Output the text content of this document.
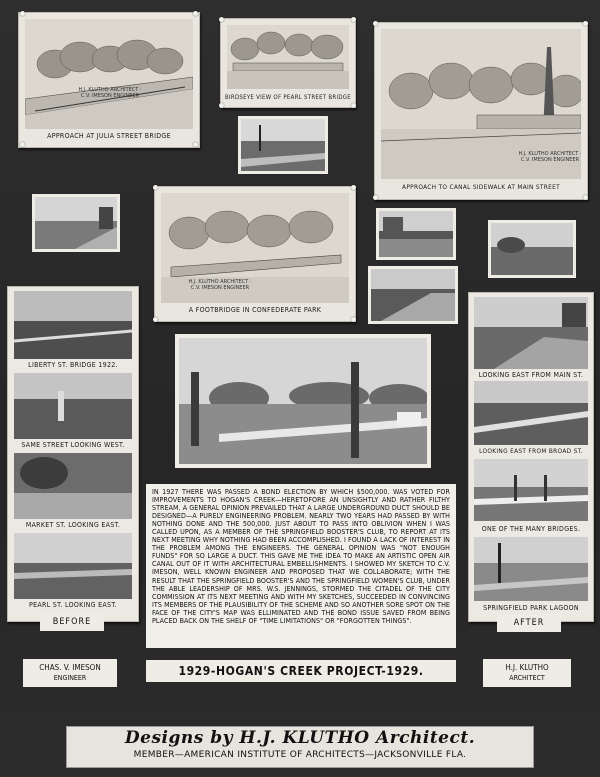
H.J. KLUTHO ARCHITECT · C.V. IMESON ENGINEER
APPROACH AT JULIA STREET BRIDGE
BIRDSEYE VIEW OF PEARL STREET BRIDGE
H.J. KLUTHO ARCHITECT · C.V. IMESON ENGINEER
APPROACH TO CANAL SIDEWALK AT MAIN STREET
H.J. KLUTHO ARCHITECT · C.V. IMESON ENGINEER
A FOOTBRIDGE IN CONFEDERATE PARK
LIBERTY ST. BRIDGE 1922.
SAME STREET LOOKING WEST.
MARKET ST. LOOKING EAST.
PEARL ST. LOOKING EAST.
BEFORE
LOOKING EAST FROM MAIN ST.
LOOKING EAST FROM BROAD ST.
ONE OF THE MANY BRIDGES.
SPRINGFIELD PARK LAGOON
AFTER

IN 1927 THERE WAS PASSED A BOND ELECTION BY WHICH $500,000. WAS VOTED FOR IMPROVEMENTS TO HOGAN'S CREEK—HERETOFORE AN UNSIGHTLY AND RATHER FILTHY STREAM. A GENERAL OPINION PREVAILED THAT A LARGE UNDERGROUND DUCT SHOULD BE DESIGNED—A PURELY ENGINEERING PROBLEM. NEARLY TWO YEARS HAD PASSED BY WITH NOTHING DONE AND THE 500,000. JUST ABOUT TO PASS INTO OBLIVION WHEN I WAS CALLED UPON, AS A MEMBER OF THE SPRINGFIELD BOOSTER'S CLUB, TO REPORT AT ITS NEXT MEETING WHY NOTHING HAD BEEN ACCOMPLISHED. I FOUND A LACK OF INTEREST IN THE PROBLEM AMONG THE ENGINEERS. THE GENERAL OPINION WAS "NOT ENOUGH FUNDS" FOR SO LARGE A DUCT. THIS GAVE ME THE IDEA TO MAKE AN ARTISTIC OPEN AIR CANAL OUT OF IT WITH ARCHITECTURAL EMBELLISHMENTS. I SHOWED MY SKETCH TO C.V. IMESON, WELL KNOWN ENGINEER AND PROPOSED THAT WE COLLABORATE; WITH THE RESULT THAT THE SPRINGFIELD BOOSTER'S AND THE SPRINGFIELD WOMEN'S CLUB, UNDER THE ABLE LEADERSHIP OF MRS. W.S. JENNINGS, STORMED THE CITADEL OF THE CITY COMMISSION AT ITS NEXT MEETING AND WITH MY SKETCHES, SUCCEEDED IN CONVINCING ITS MEMBERS OF THE PLAUSIBILITY OF THE SCHEME AND SO ANOTHER SORE SPOT ON THE FACE OF THE CITY'S MAP WAS ELLIMINATED AND THE BOND ISSUE SAVED FROM BEING PLACED BACK ON THE SHELF OF "TIME LIMITATIONS" OR "FORGOTTEN THINGS".

CHAS. V. IMESON
ENGINEER	1929-HOGAN'S CREEK PROJECT-1929.	H.J. KLUTHO
ARCHITECT
Designs by H.J. KLUTHO Architect.
MEMBER—AMERICAN INSTITUTE OF ARCHITECTS—JACKSONVILLE FLA.
